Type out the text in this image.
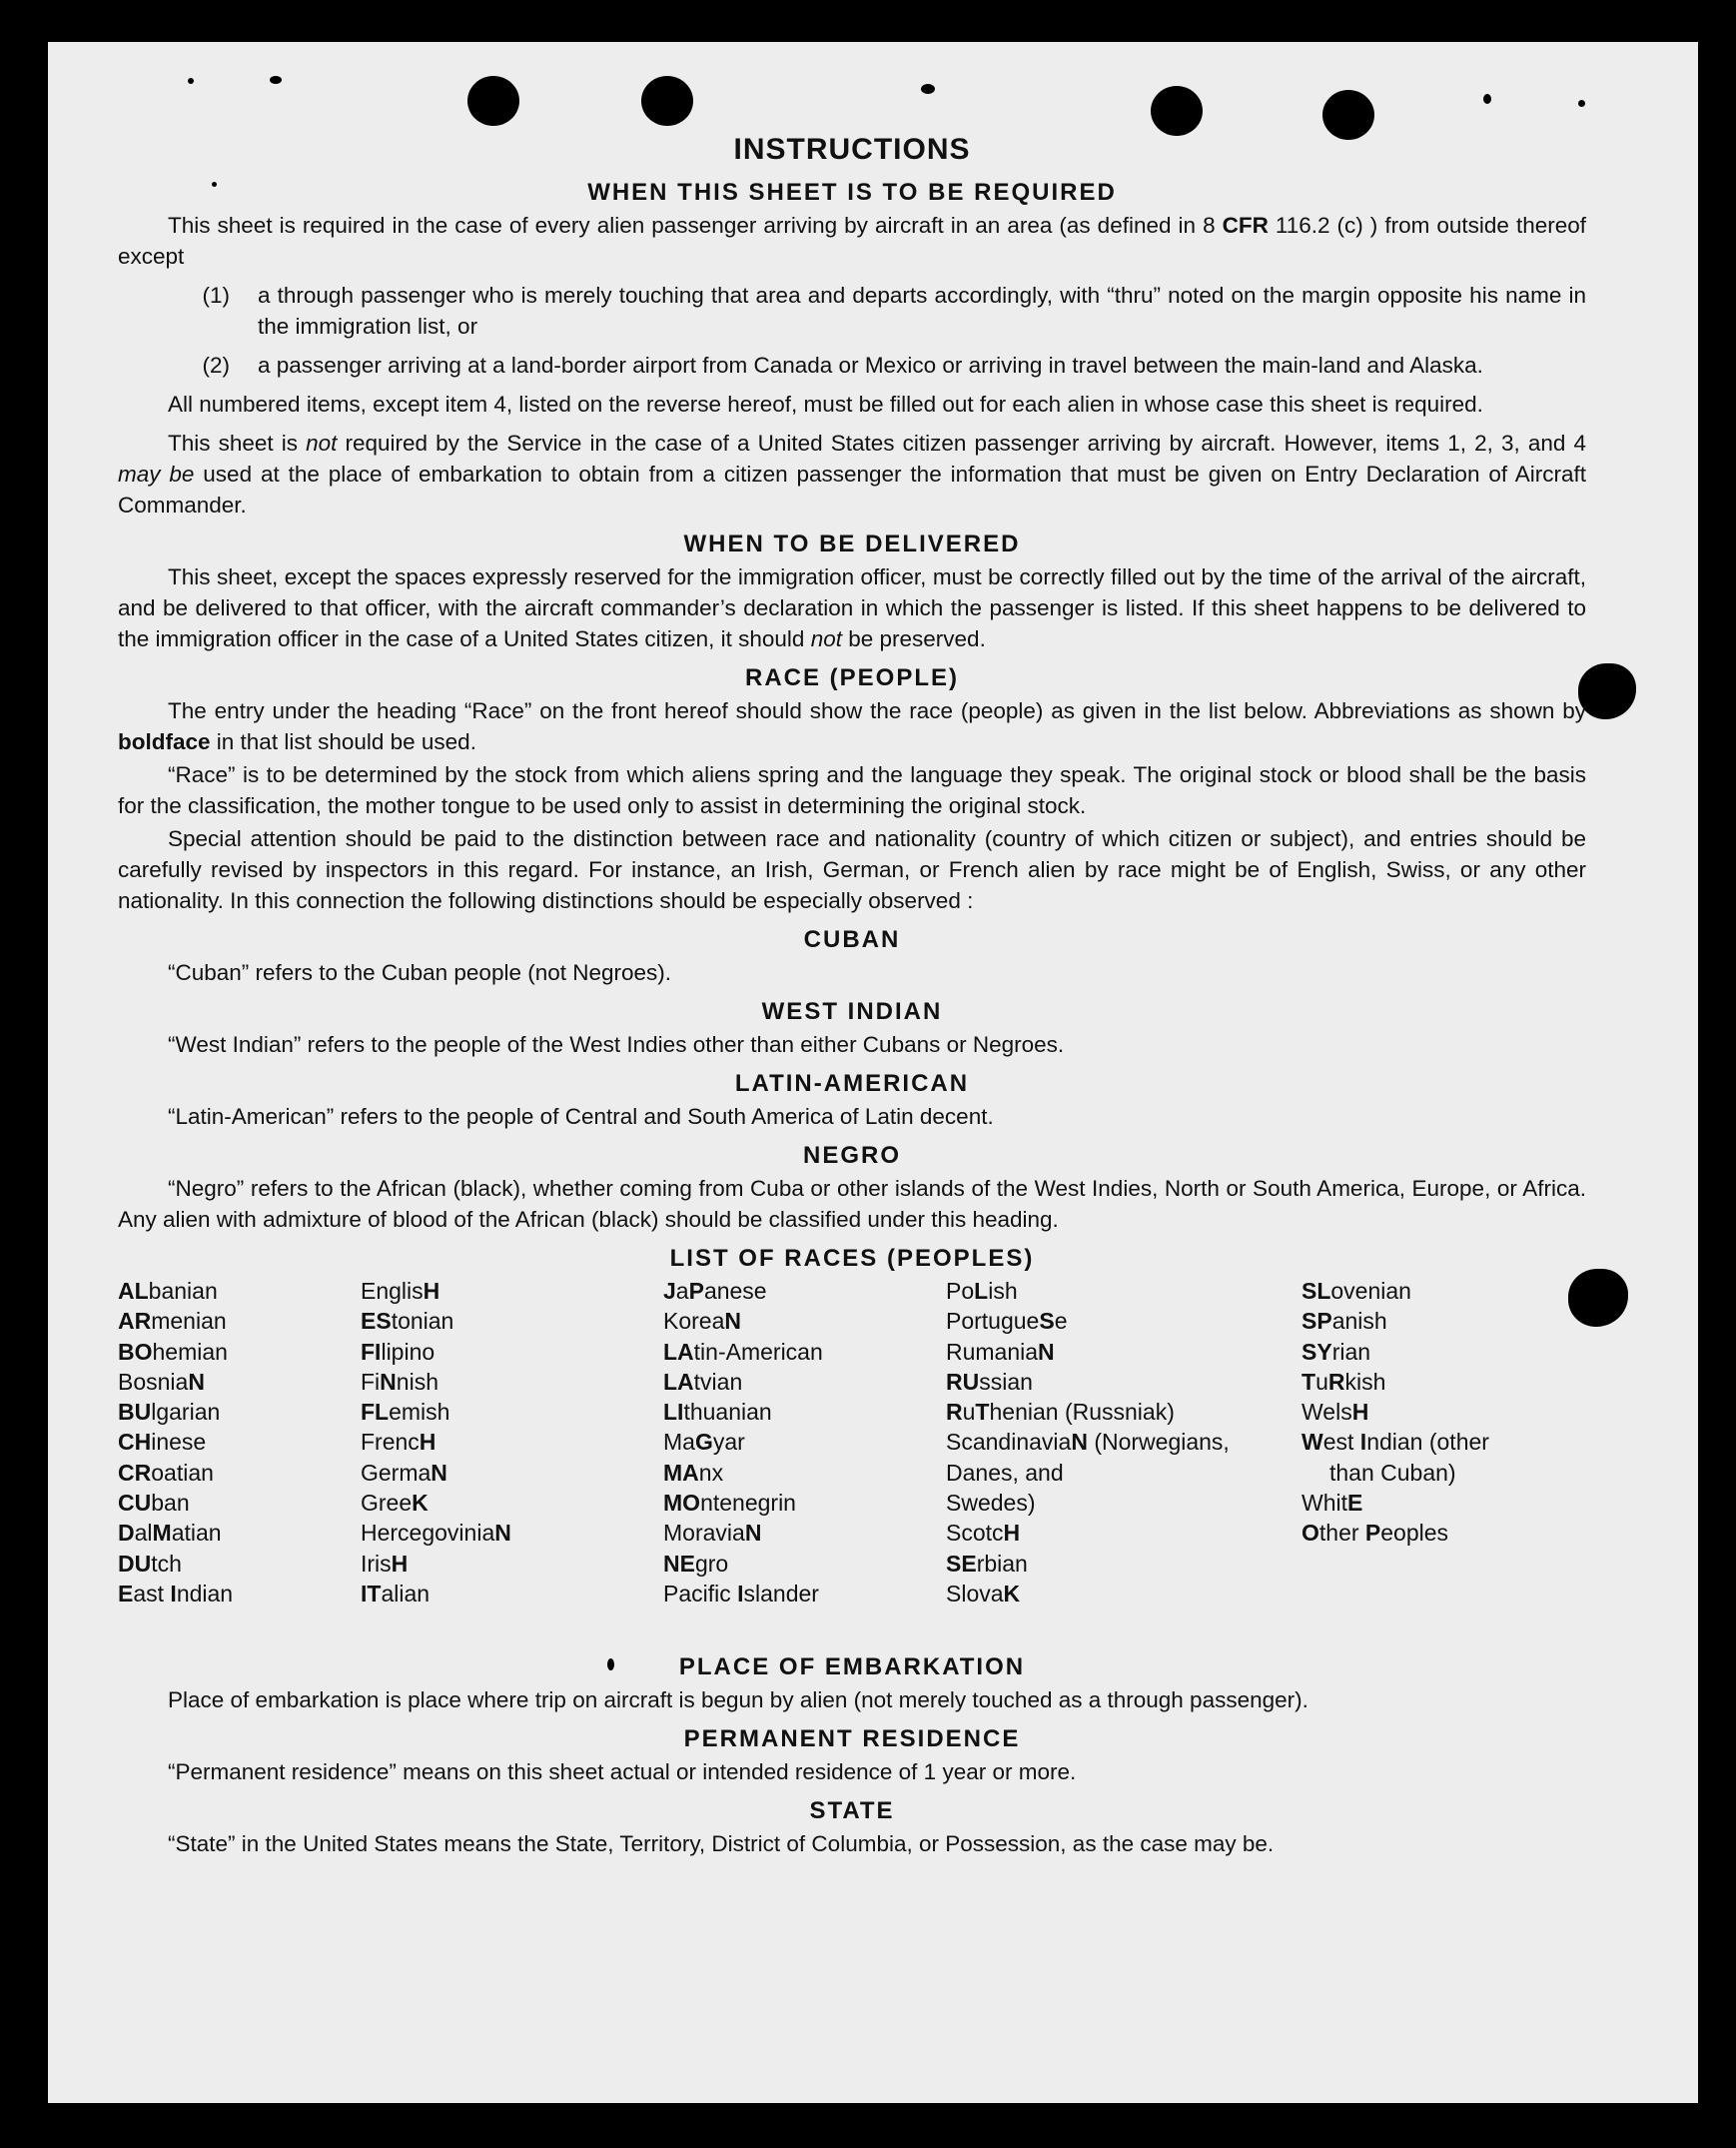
INSTRUCTIONS
WHEN THIS SHEET IS TO BE REQUIRED
This sheet is required in the case of every alien passenger arriving by aircraft in an area (as defined in 8 CFR 116.2 (c) ) from outside thereof except
(1)	a through passenger who is merely touching that area and departs accordingly, with “thru” noted on the margin opposite his name in the immigration list, or
(2)	a passenger arriving at a land-border airport from Canada or Mexico or arriving in travel between the main-land and Alaska.
All numbered items, except item 4, listed on the reverse hereof, must be filled out for each alien in whose case this sheet is required.
This sheet is not required by the Service in the case of a United States citizen passenger arriving by aircraft. However, items 1, 2, 3, and 4 may be used at the place of embarkation to obtain from a citizen passenger the information that must be given on Entry Declaration of Aircraft Commander.
WHEN TO BE DELIVERED
This sheet, except the spaces expressly reserved for the immigration officer, must be correctly filled out by the time of the arrival of the aircraft, and be delivered to that officer, with the aircraft commander’s declaration in which the passenger is listed. If this sheet happens to be delivered to the immigration officer in the case of a United States citizen, it should not be preserved.
RACE (PEOPLE)
The entry under the heading “Race” on the front hereof should show the race (people) as given in the list below. Abbreviations as shown by boldface in that list should be used.
“Race” is to be determined by the stock from which aliens spring and the language they speak. The original stock or blood shall be the basis for the classification, the mother tongue to be used only to assist in determining the original stock.
Special attention should be paid to the distinction between race and nationality (country of which citizen or subject), and entries should be carefully revised by inspectors in this regard. For instance, an Irish, German, or French alien by race might be of English, Swiss, or any other nationality. In this connection the following distinctions should be especially observed :
CUBAN
“Cuban” refers to the Cuban people (not Negroes).
WEST INDIAN
“West Indian” refers to the people of the West Indies other than either Cubans or Negroes.
LATIN-AMERICAN
“Latin-American” refers to the people of Central and South America of Latin decent.
NEGRO
“Negro” refers to the African (black), whether coming from Cuba or other islands of the West Indies, North or South America, Europe, or Africa. Any alien with admixture of blood of the African (black) should be classified under this heading.
LIST OF RACES (PEOPLES)
ALbanian
ARmenian
BOhemian
BosniaN
BUlgarian
CHinese
CRoatian
CUban
DalMatian
DUtch
East Indian
EnglisH
EStonian
FIlipino
FiNnish
FLemish
FrencH
GermaN
GreeK
HercegoviniaN
IrisH
ITalian
JaPanese
KoreaN
LAtin-American
LAtvian
LIthuanian
MaGyar
MAnx
MOntenegrin
MoraviaN
NEgro
Pacific Islander
PoLish
PortugueSe
RumaniaN
RUssian
RuThenian (Russniak)
ScandinaviaN (Norwegians,
Danes, and
Swedes)
ScotcH
SErbian
SlovaK
SLovenian
SPanish
SYrian
TuRkish
WelsH
West Indian (other
than Cuban)
WhitE
Other Peoples
PLACE OF EMBARKATION
Place of embarkation is place where trip on aircraft is begun by alien (not merely touched as a through passenger).
PERMANENT RESIDENCE
“Permanent residence” means on this sheet actual or intended residence of 1 year or more.
STATE
“State” in the United States means the State, Territory, District of Columbia, or Possession, as the case may be.
